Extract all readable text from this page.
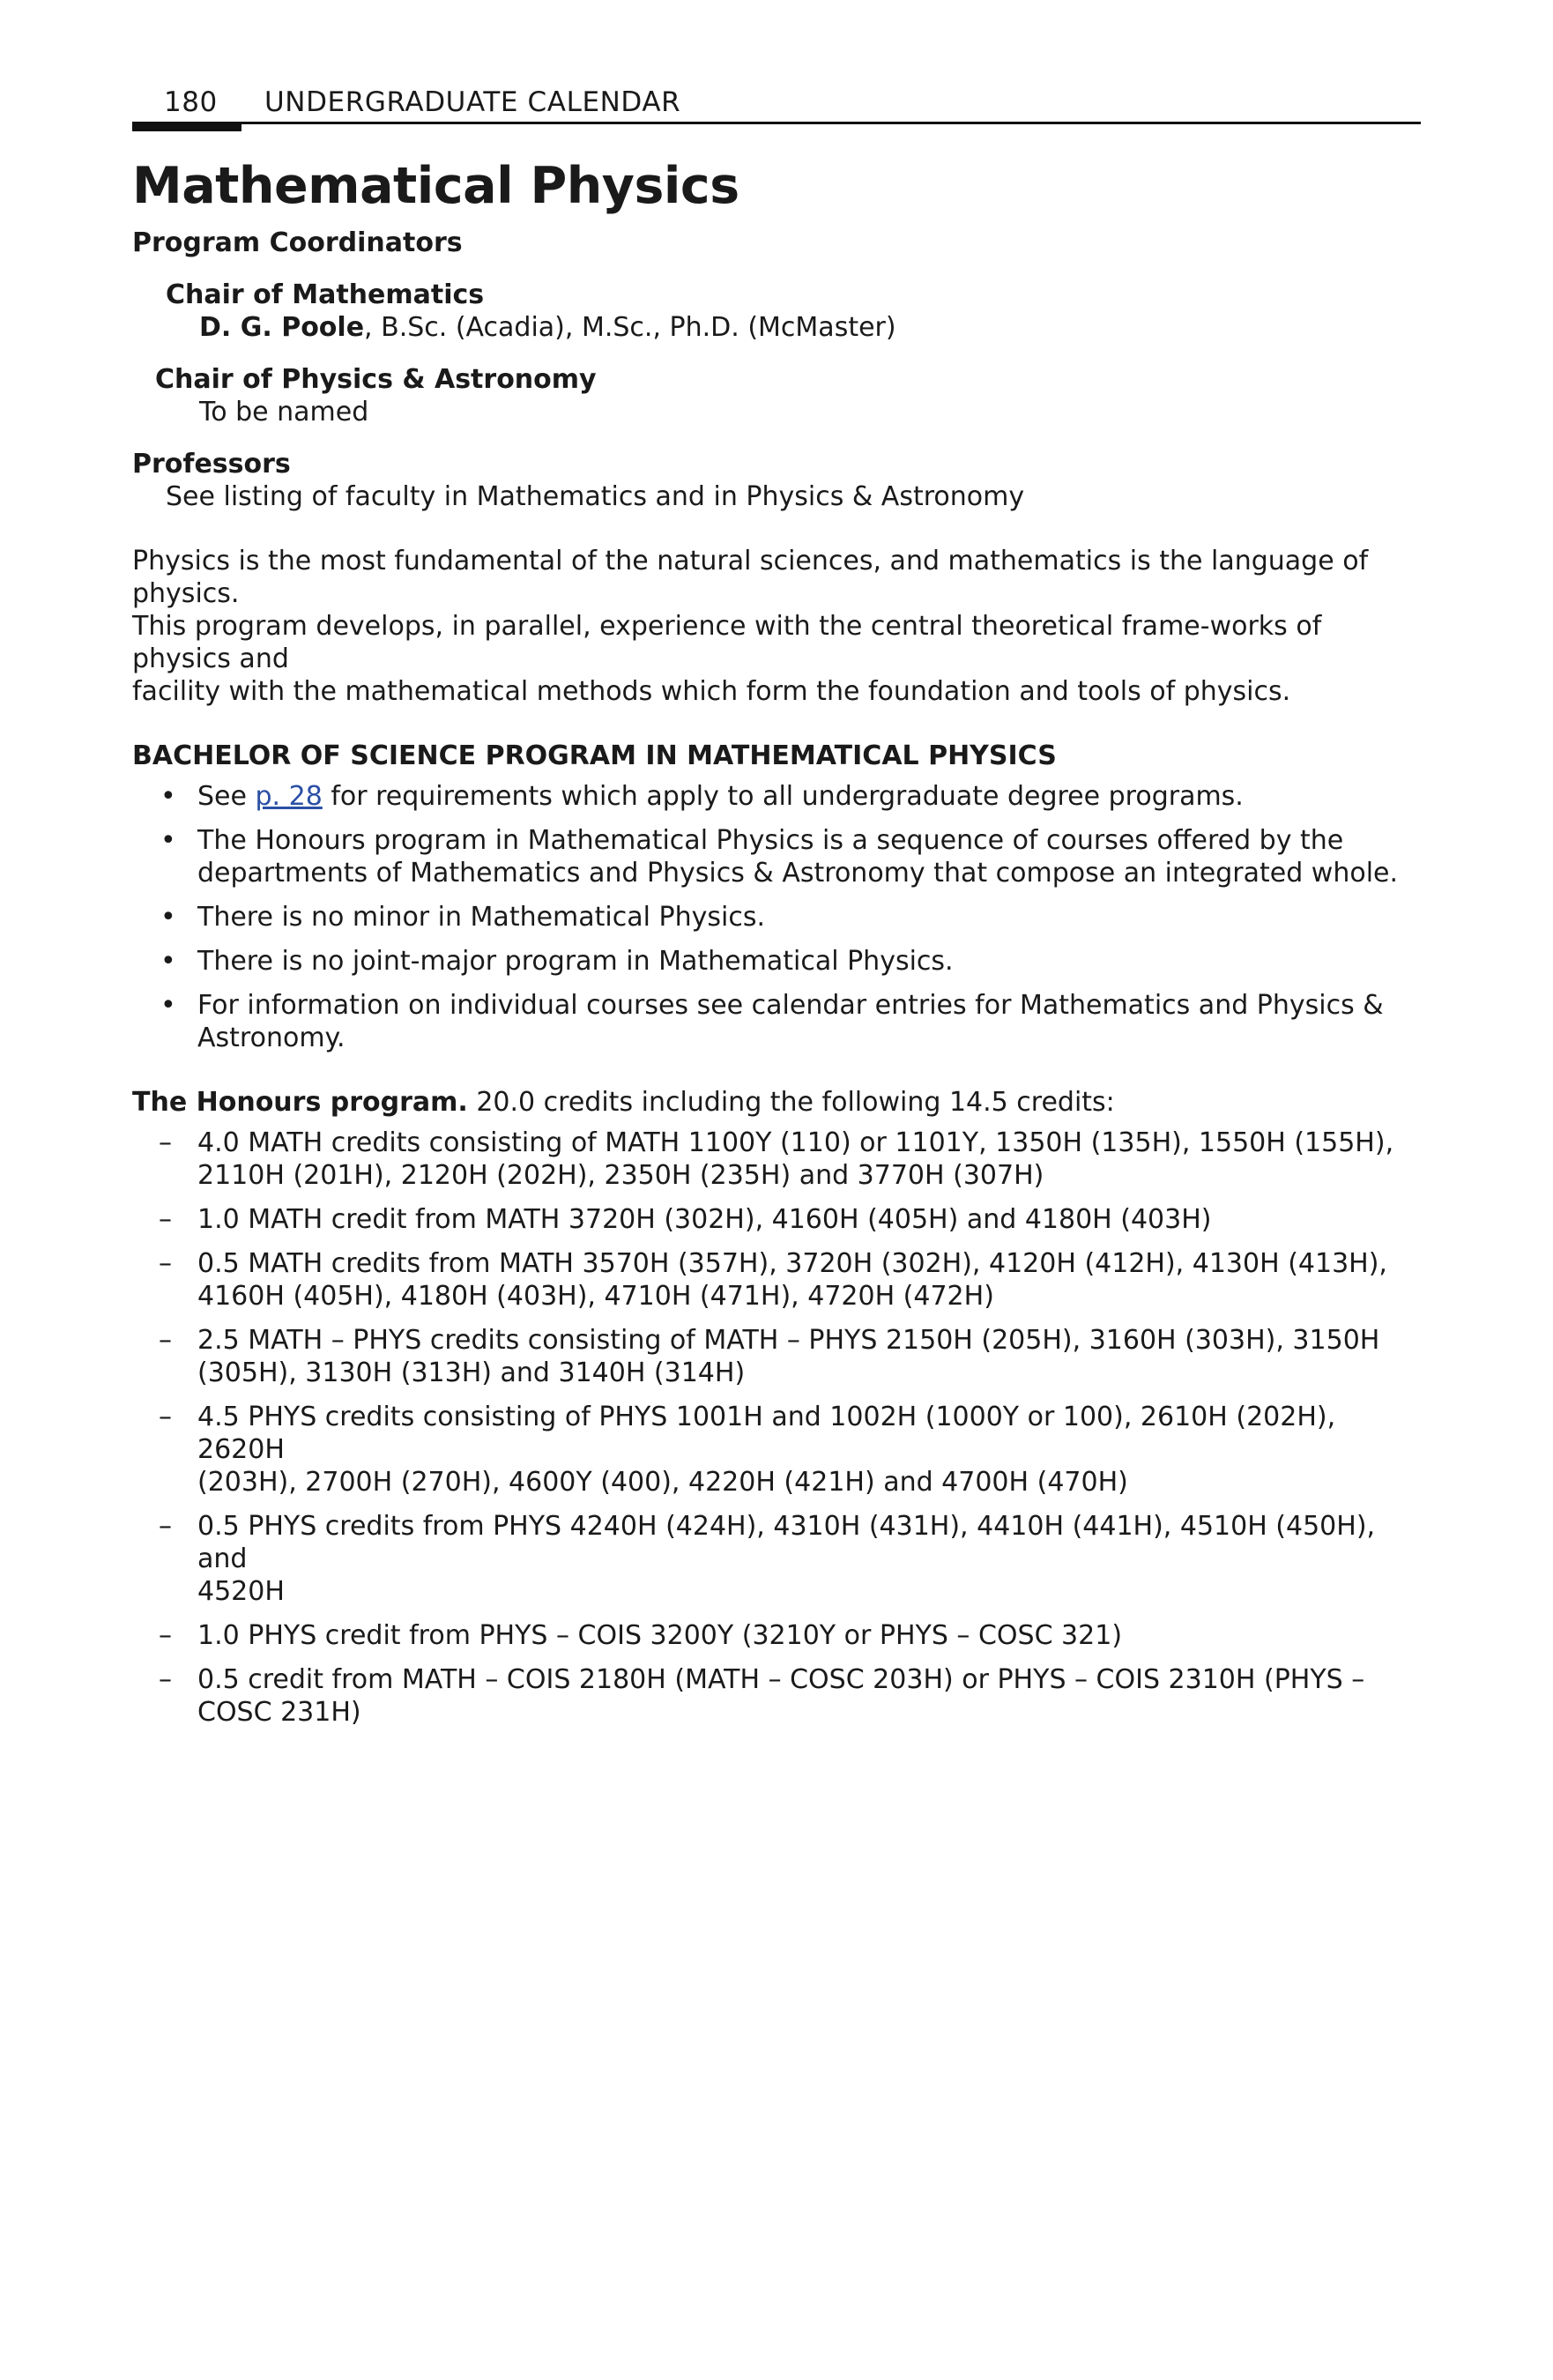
180 UNDERGRADUATE CALENDAR
Mathematical Physics
Program Coordinators
Chair of Mathematics
D. G. Poole, B.Sc. (Acadia), M.Sc., Ph.D. (McMaster)
Chair of Physics & Astronomy
To be named
Professors
See listing of faculty in Mathematics and in Physics & Astronomy
Physics is the most fundamental of the natural sciences, and mathematics is the language of physics.
This program develops, in parallel, experience with the central theoretical frame-works of physics and
facility with the mathematical methods which form the foundation and tools of physics.
BACHELOR OF SCIENCE PROGRAM IN MATHEMATICAL PHYSICS
• See p. 28 for requirements which apply to all undergraduate degree programs.
• The Honours program in Mathematical Physics is a sequence of courses offered by the
departments of Mathematics and Physics & Astronomy that compose an integrated whole.
• There is no minor in Mathematical Physics.
• There is no joint-major program in Mathematical Physics.
• For information on individual courses see calendar entries for Mathematics and Physics &
Astronomy.
The Honours program. 20.0 credits including the following 14.5 credits:
– 4.0 MATH credits consisting of MATH 1100Y (110) or 1101Y, 1350H (135H), 1550H (155H),
2110H (201H), 2120H (202H), 2350H (235H) and 3770H (307H)
– 1.0 MATH credit from MATH 3720H (302H), 4160H (405H) and 4180H (403H)
– 0.5 MATH credits from MATH 3570H (357H), 3720H (302H), 4120H (412H), 4130H (413H),
4160H (405H), 4180H (403H), 4710H (471H), 4720H (472H)
– 2.5 MATH – PHYS credits consisting of MATH – PHYS 2150H (205H), 3160H (303H), 3150H
(305H), 3130H (313H) and 3140H (314H)
– 4.5 PHYS credits consisting of PHYS 1001H and 1002H (1000Y or 100), 2610H (202H), 2620H
(203H), 2700H (270H), 4600Y (400), 4220H (421H) and 4700H (470H)
– 0.5 PHYS credits from PHYS 4240H (424H), 4310H (431H), 4410H (441H), 4510H (450H), and
4520H
– 1.0 PHYS credit from PHYS – COIS 3200Y (3210Y or PHYS – COSC 321)
– 0.5 credit from MATH – COIS 2180H (MATH – COSC 203H) or PHYS – COIS 2310H (PHYS –
COSC 231H)
